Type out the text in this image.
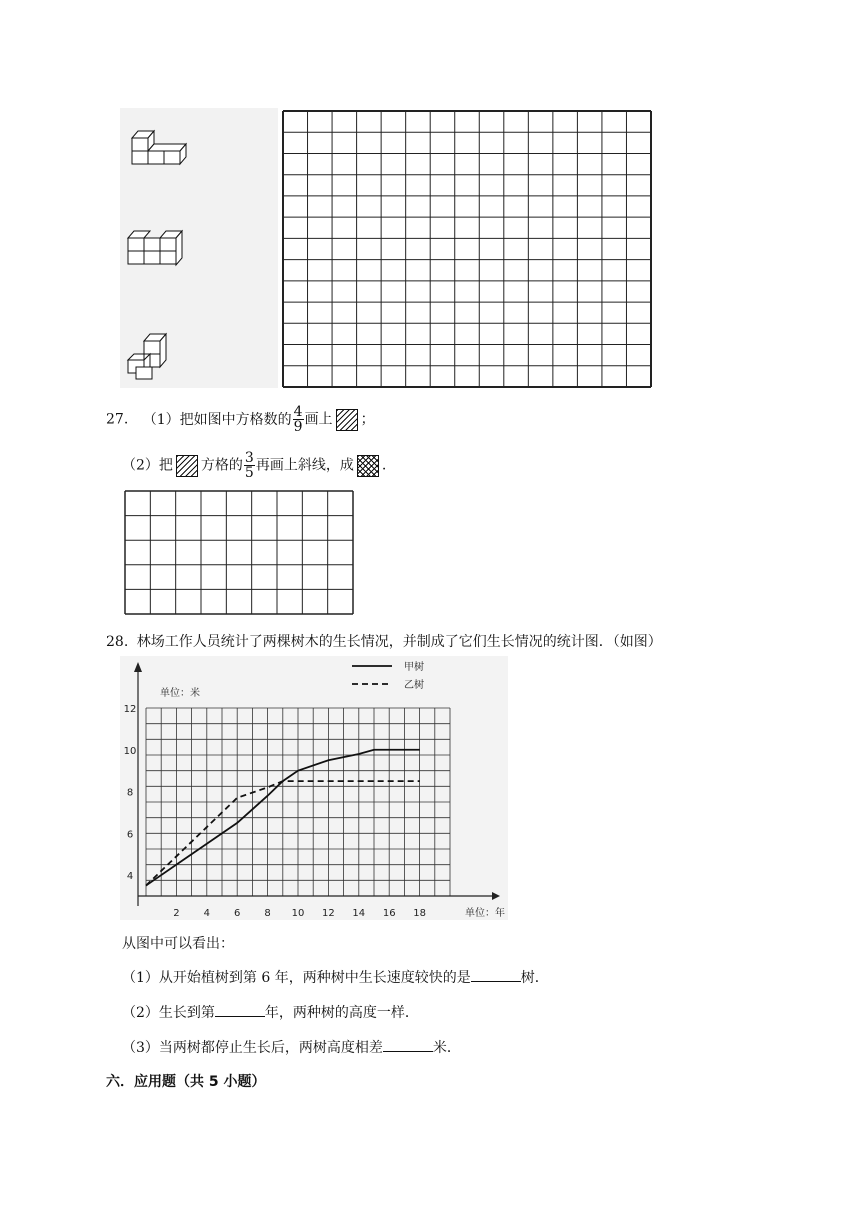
27. （1）把如图中方格数的 $\frac{4}{9}$ 画上 ；
（2）把 方格的 $\frac{3}{5}$ 再画上斜线，成 .
28. 林场工作人员统计了两棵树木的生长情况，并制成了它们生长情况的统计图．（如图）
2 4 6 8 10 12 14 16 18
4
6
8
10
12
单位：米
单位：年
甲树
乙树
从图中可以看出：
（1）从开始植树到第 6 年，两种树中生长速度较快的是	树．
（2）生长到第	年，两种树的高度一样．
（3）当两树都停止生长后，两树高度相差	米．
六．应用题（共 5 小题）
